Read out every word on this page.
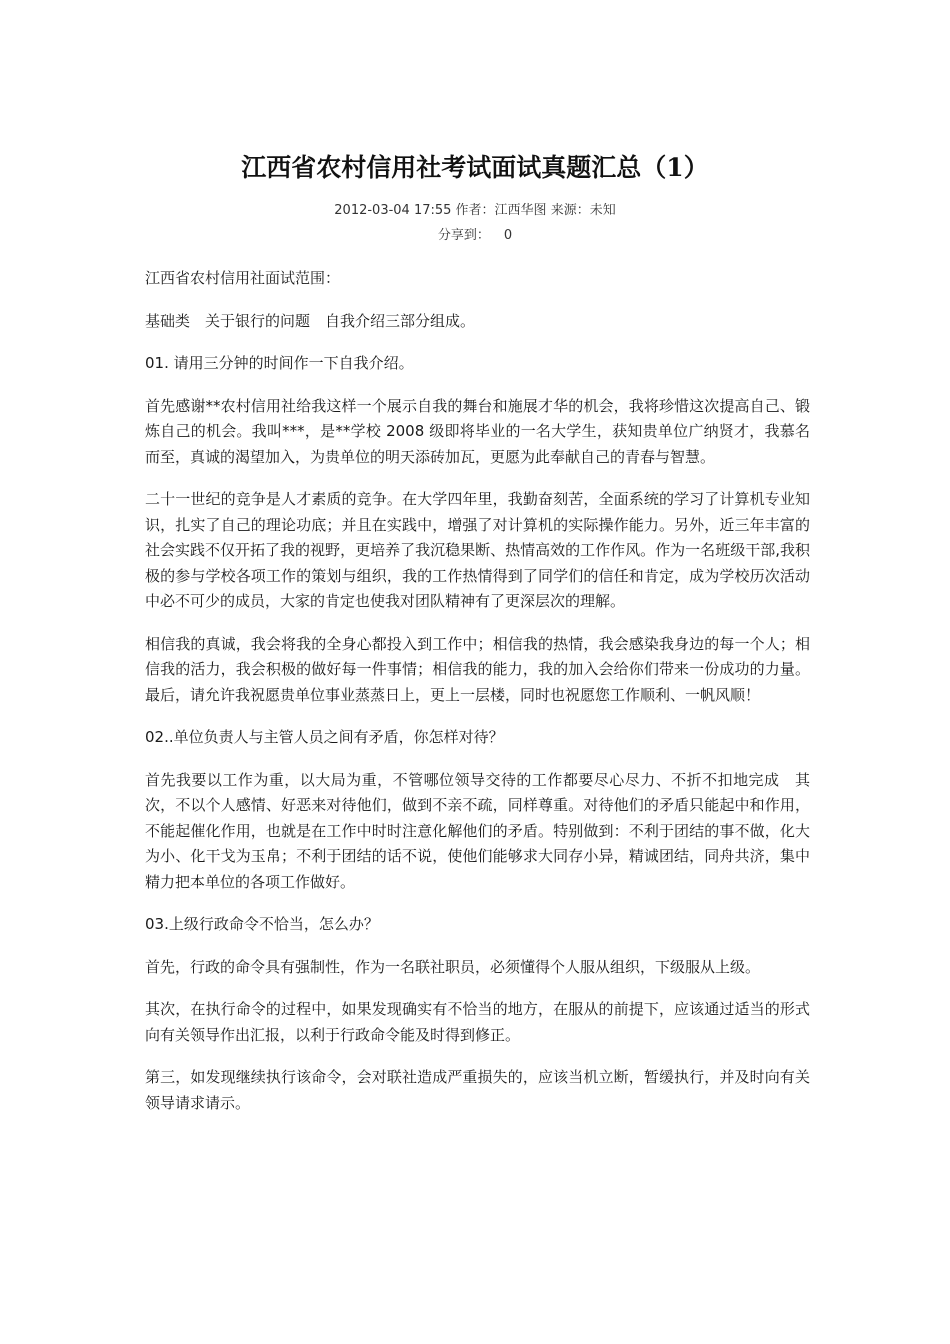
江西省农村信用社考试面试真题汇总（1）
2012-03-04 17:55 作者：江西华图 来源：未知
分享到： 0

江西省农村信用社面试范围：

基础类　关于银行的问题　自我介绍三部分组成。

01. 请用三分钟的时间作一下自我介绍。

首先感谢**农村信用社给我这样一个展示自我的舞台和施展才华的机会，我将珍惜这次提高自己、锻炼自己的机会。我叫***，是**学校 2008 级即将毕业的一名大学生，获知贵单位广纳贤才，我慕名而至，真诚的渴望加入，为贵单位的明天添砖加瓦，更愿为此奉献自己的青春与智慧。

二十一世纪的竞争是人才素质的竞争。在大学四年里，我勤奋刻苦，全面系统的学习了计算机专业知识，扎实了自己的理论功底；并且在实践中，增强了对计算机的实际操作能力。另外，近三年丰富的社会实践不仅开拓了我的视野，更培养了我沉稳果断、热情高效的工作作风。作为一名班级干部,我积极的参与学校各项工作的策划与组织，我的工作热情得到了同学们的信任和肯定，成为学校历次活动中必不可少的成员，大家的肯定也使我对团队精神有了更深层次的理解。

相信我的真诚，我会将我的全身心都投入到工作中；相信我的热情，我会感染我身边的每一个人；相信我的活力，我会积极的做好每一件事情；相信我的能力，我的加入会给你们带来一份成功的力量。最后，请允许我祝愿贵单位事业蒸蒸日上，更上一层楼，同时也祝愿您工作顺利、一帆风顺！

02..单位负责人与主管人员之间有矛盾，你怎样对待？

首先我要以工作为重，以大局为重，不管哪位领导交待的工作都要尽心尽力、不折不扣地完成　其次，不以个人感情、好恶来对待他们，做到不亲不疏，同样尊重。对待他们的矛盾只能起中和作用，不能起催化作用，也就是在工作中时时注意化解他们的矛盾。特别做到：不利于团结的事不做，化大为小、化干戈为玉帛；不利于团结的话不说，使他们能够求大同存小异，精诚团结，同舟共济，集中精力把本单位的各项工作做好。

03.上级行政命令不恰当，怎么办？

首先，行政的命令具有强制性，作为一名联社职员，必须懂得个人服从组织，下级服从上级。

其次，在执行命令的过程中，如果发现确实有不恰当的地方，在服从的前提下，应该通过适当的形式向有关领导作出汇报，以利于行政命令能及时得到修正。

第三，如发现继续执行该命令，会对联社造成严重损失的，应该当机立断，暂缓执行，并及时向有关领导请求请示。
